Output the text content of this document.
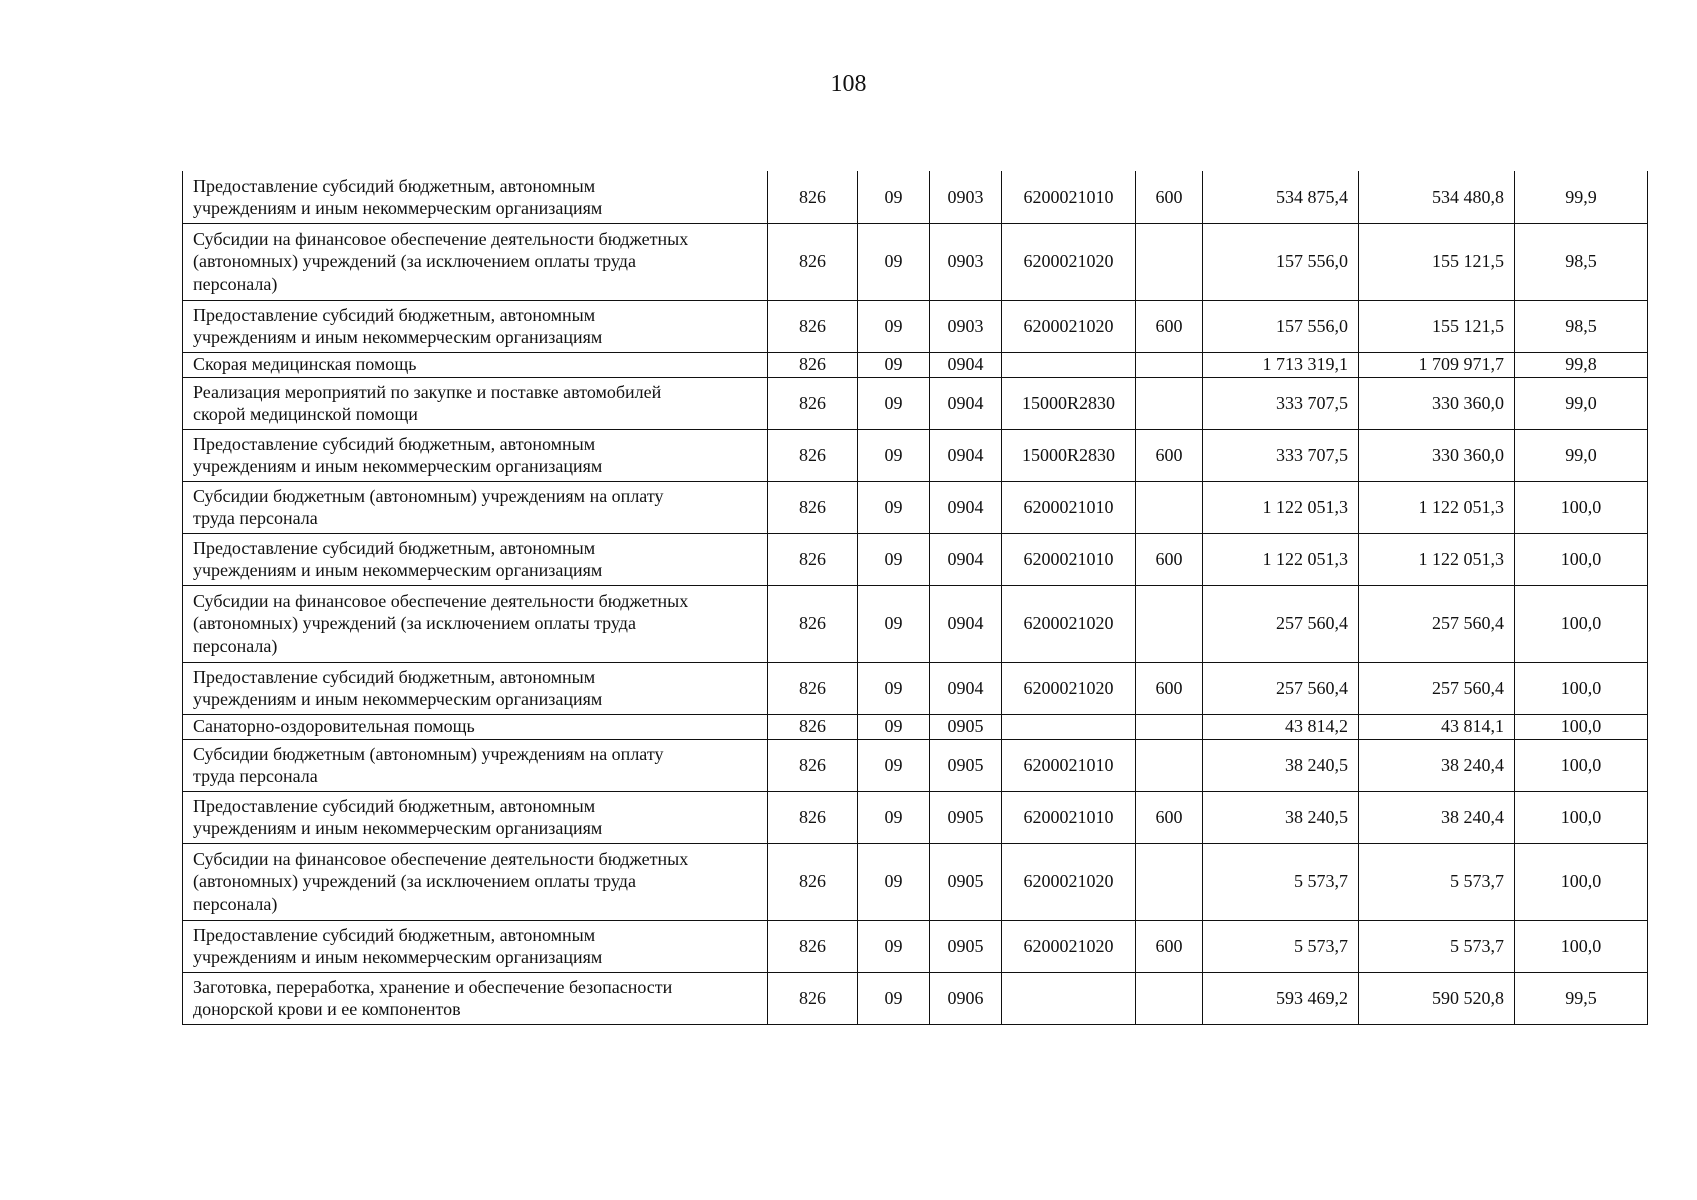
108
Предоставление субсидий бюджетным, автономным
учреждениям и иным некоммерческим организациям	826	09	0903	6200021010	600	534 875,4	534 480,8	99,9

Субсидии на финансовое обеспечение деятельности бюджетных
(автономных) учреждений (за исключением оплаты труда
персонала)	826	09	0903	6200021020		157 556,0	155 121,5	98,5

Предоставление субсидий бюджетным, автономным
учреждениям и иным некоммерческим организациям	826	09	0903	6200021020	600	157 556,0	155 121,5	98,5

Скорая медицинская помощь	826	09	0904			1 713 319,1	1 709 971,7	99,8

Реализация мероприятий по закупке и поставке автомобилей
скорой медицинской помощи	826	09	0904	15000R2830		333 707,5	330 360,0	99,0

Предоставление субсидий бюджетным, автономным
учреждениям и иным некоммерческим организациям	826	09	0904	15000R2830	600	333 707,5	330 360,0	99,0

Субсидии бюджетным (автономным) учреждениям на оплату
труда персонала	826	09	0904	6200021010		1 122 051,3	1 122 051,3	100,0

Предоставление субсидий бюджетным, автономным
учреждениям и иным некоммерческим организациям	826	09	0904	6200021010	600	1 122 051,3	1 122 051,3	100,0

Субсидии на финансовое обеспечение деятельности бюджетных
(автономных) учреждений (за исключением оплаты труда
персонала)	826	09	0904	6200021020		257 560,4	257 560,4	100,0

Предоставление субсидий бюджетным, автономным
учреждениям и иным некоммерческим организациям	826	09	0904	6200021020	600	257 560,4	257 560,4	100,0

Санаторно-оздоровительная помощь	826	09	0905			43 814,2	43 814,1	100,0

Субсидии бюджетным (автономным) учреждениям на оплату
труда персонала	826	09	0905	6200021010		38 240,5	38 240,4	100,0

Предоставление субсидий бюджетным, автономным
учреждениям и иным некоммерческим организациям	826	09	0905	6200021010	600	38 240,5	38 240,4	100,0

Субсидии на финансовое обеспечение деятельности бюджетных
(автономных) учреждений (за исключением оплаты труда
персонала)	826	09	0905	6200021020		5 573,7	5 573,7	100,0

Предоставление субсидий бюджетным, автономным
учреждениям и иным некоммерческим организациям	826	09	0905	6200021020	600	5 573,7	5 573,7	100,0

Заготовка, переработка, хранение и обеспечение безопасности
донорской крови и ее компонентов	826	09	0906			593 469,2	590 520,8	99,5
